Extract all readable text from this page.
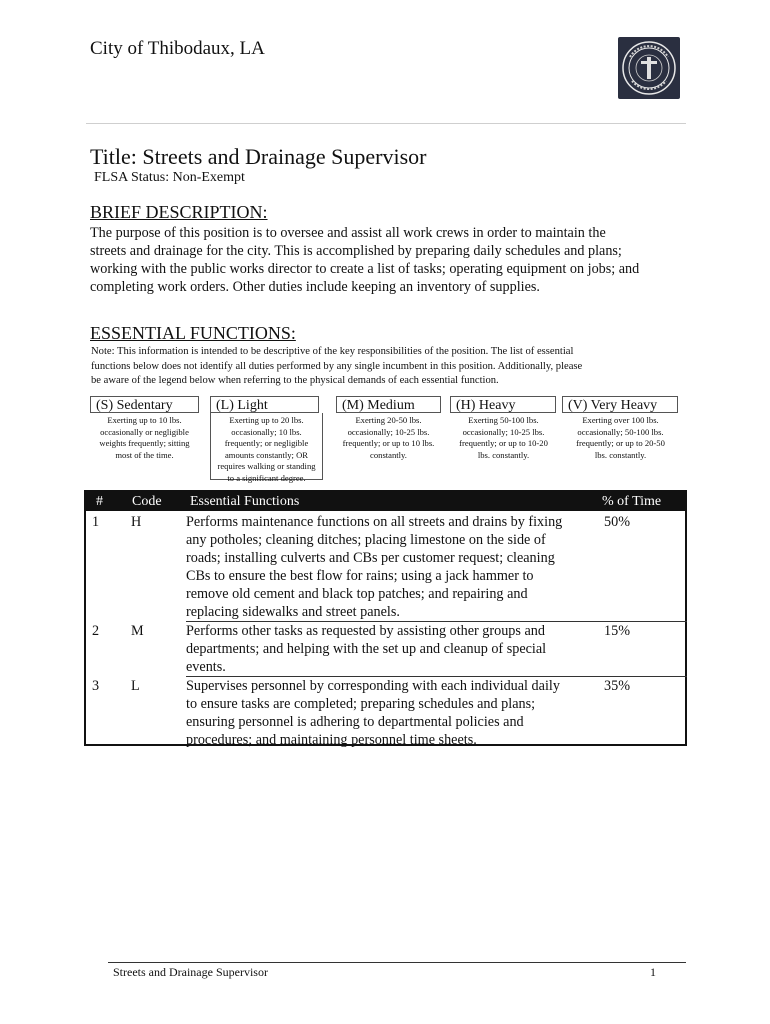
City of Thibodaux, LA
Title: Streets and Drainage Supervisor
FLSA Status: Non-Exempt
BRIEF DESCRIPTION:
The purpose of this position is to oversee and assist all work crews in order to maintain the
streets and drainage for the city. This is accomplished by preparing daily schedules and plans;
working with the public works director to create a list of tasks; operating equipment on jobs; and
completing work orders. Other duties include keeping an inventory of supplies.
ESSENTIAL FUNCTIONS:
Note: This information is intended to be descriptive of the key responsibilities of the position. The list of essential
functions below does not identify all duties performed by any single incumbent in this position. Additionally, please
be aware of the legend below when referring to the physical demands of each essential function.
(S) Sedentary
Exerting up to 10 lbs.
occasionally or negligible
weights frequently; sitting
most of the time.
(L) Light
Exerting up to 20 lbs.
occasionally; 10 lbs.
frequently; or negligible
amounts constantly; OR
requires walking or standing
to a significant degree.
(M) Medium
Exerting 20-50 lbs.
occasionally; 10-25 lbs.
frequently; or up to 10 lbs.
constantly.
(H) Heavy
Exerting 50-100 lbs.
occasionally; 10-25 lbs.
frequently; or up to 10-20
lbs. constantly.
(V) Very Heavy
Exerting over 100 lbs.
occasionally; 50-100 lbs.
frequently; or up to 20-50
lbs. constantly.
# Code Essential Functions	% of Time
1 H	Performs maintenance functions on all streets and drains by fixing
any potholes; cleaning ditches; placing limestone on the side of
roads; installing culverts and CBs per customer request; cleaning
CBs to ensure the best flow for rains; using a jack hammer to
remove old cement and black top patches; and repairing and
replacing sidewalks and street panels.
50%
2 M	Performs other tasks as requested by assisting other groups and
departments; and helping with the set up and cleanup of special
events.
15%
3 L	Supervises personnel by corresponding with each individual daily
to ensure tasks are completed; preparing schedules and plans;
ensuring personnel is adhering to departmental policies and
procedures; and maintaining personnel time sheets.
35%
Streets and Drainage Supervisor	1
